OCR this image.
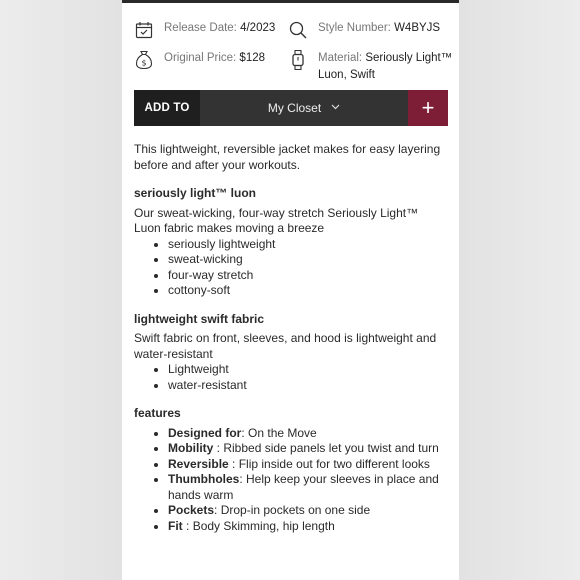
Release Date: 4/2023	Style Number: W4BYJS
$ Original Price: $128	Material: Seriously Light™ Luon, Swift
ADD TO	My Closet	+

This lightweight, reversible jacket makes for easy layering before and after your workouts.

seriously light™ luon

Our sweat-wicking, four-way stretch Seriously Light™ Luon fabric makes moving a breeze

• seriously lightweight
• sweat-wicking
• four-way stretch
• cottony-soft
lightweight swift fabric

Swift fabric on front, sleeves, and hood is lightweight and water-resistant

• Lightweight
• water-resistant
features
• Designed for: On the Move
• Mobility : Ribbed side panels let you twist and turn
• Reversible : Flip inside out for two different looks
• Thumbholes: Help keep your sleeves in place and hands warm
• Pockets: Drop-in pockets on one side
• Fit : Body Skimming, hip length
